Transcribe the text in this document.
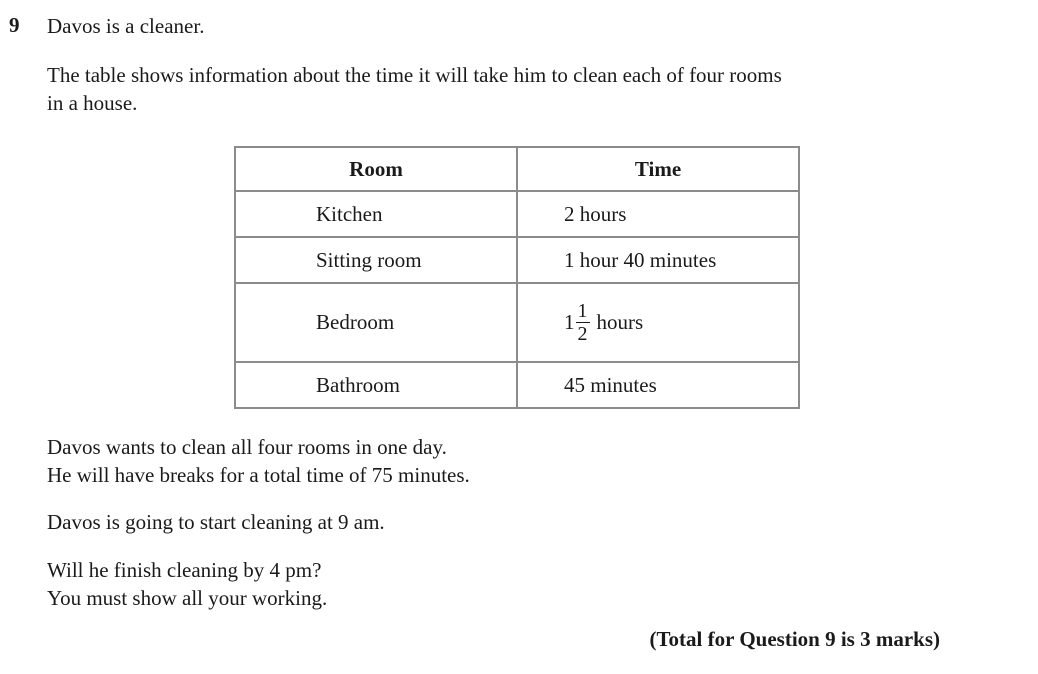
9 Davos is a cleaner.
The table shows information about the time it will take him to clean each of four rooms
in a house.
Room	Time
Kitchen	2 hours
Sitting room	1 hour 40 minutes
Bedroom	$1 \frac{1}{2}$ hours

Bathroom	45 minutes
Davos wants to clean all four rooms in one day.
He will have breaks for a total time of 75 minutes.
Davos is going to start cleaning at 9 am.
Will he finish cleaning by 4 pm?
You must show all your working.
(Total for Question 9 is 3 marks)
